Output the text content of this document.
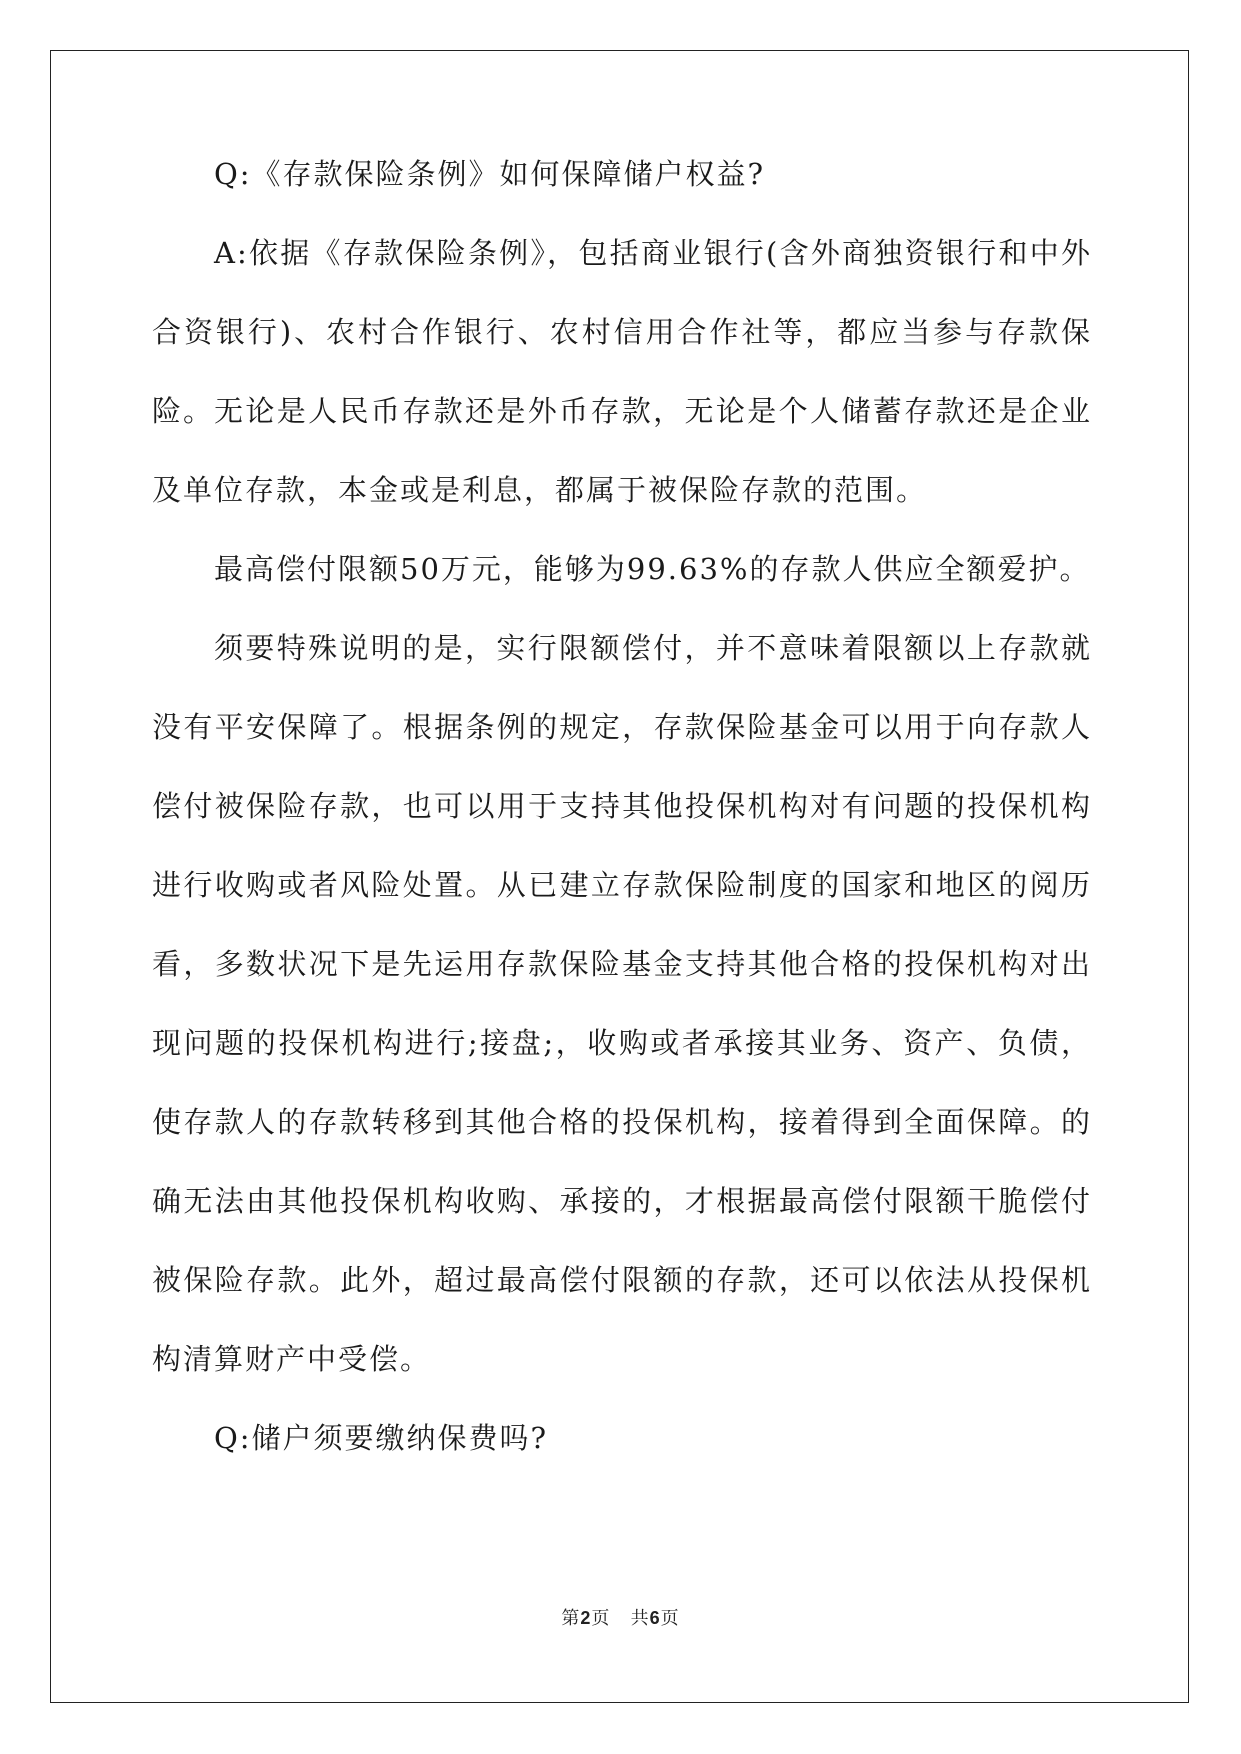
Q:《存款保险条例》如何保障储户权益?

A:依据《存款保险条例》，包括商业银行(含外商独资银行和中外合资银行)、农村合作银行、农村信用合作社等，都应当参与存款保险。 无论是人民币存款还是外币存款，无论是个人储蓄存款还是企业及单位存款，本金或是利息，都属于被保险存款的范围。

最高偿付限额50万元，能够为99.63%的存款人供应全额爱护。

须要特殊说明的是，实行限额偿付，并不意味着限额以上存款就没有平安保障了。根据条例的规定，存款保险基金可以用于向存款人偿付被保险存款，也可以用于支持其他投保机构对有问题的投保机构进行收购或者风险处置。从已建立存款保险制度的国家和地区的阅历看，多数状况下是先运用存款保险基金支持其他合格的投保机构对出现问题的投保机构进行;接盘;，收购或者承接其业务、资产、负债，使存款人的存款转移到其他合格的投保机构，接着得到全面保障。的确无法由其他投保机构收购、承接的，才根据最高偿付限额干脆偿付被保险存款。此外，超过最高偿付限额的存款，还可以依法从投保机构清算财产中受偿。

Q:储户须要缴纳保费吗?

第2页 共6页
